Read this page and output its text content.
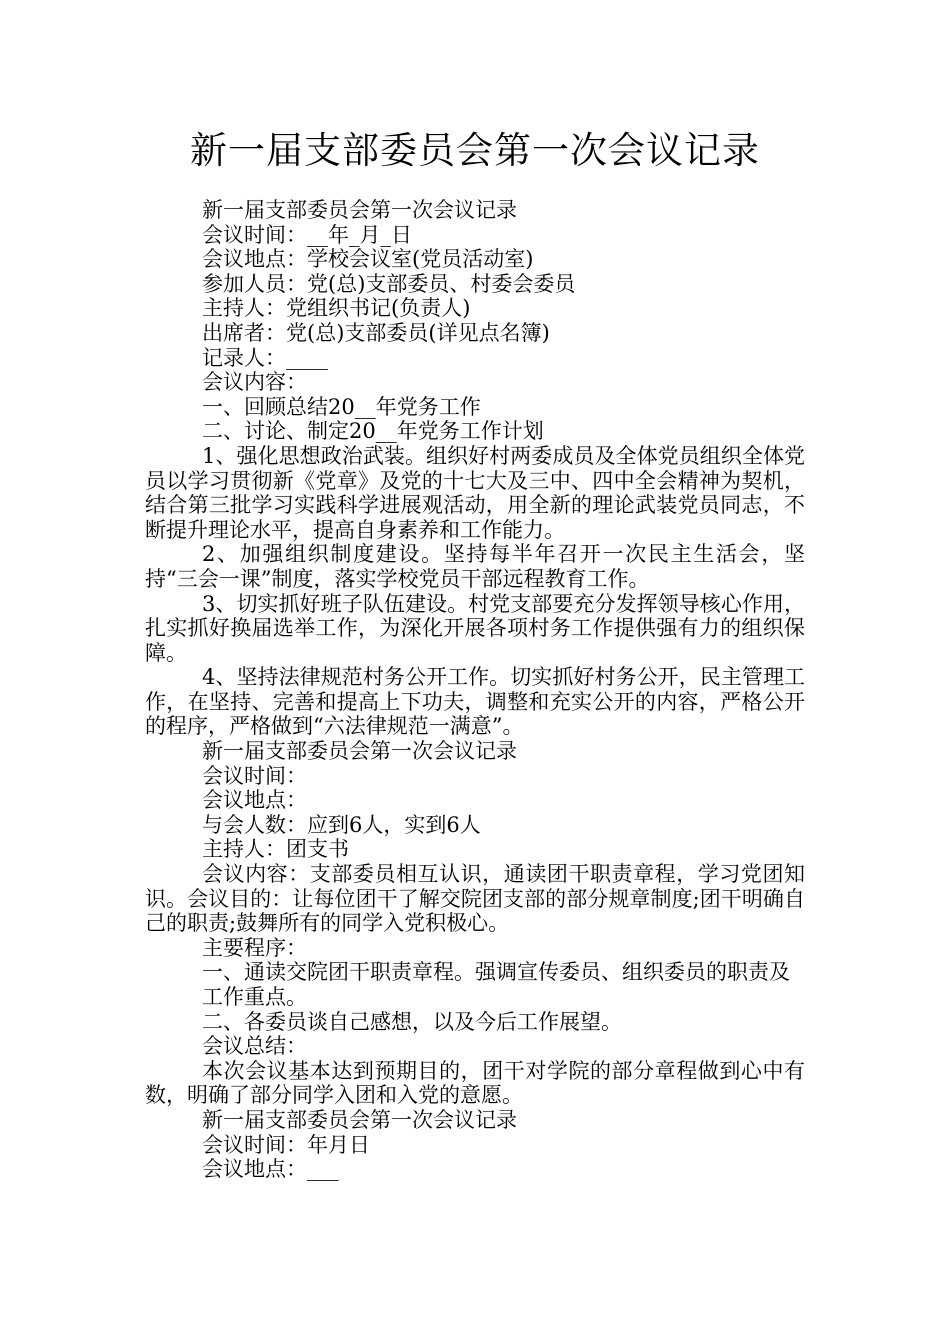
新一届支部委员会第一次会议记录
新一届支部委员会第一次会议记录
会议时间：__年_月_日
会议地点：学校会议室(党员活动室)
参加人员：党(总)支部委员、村委会委员
主持人：党组织书记(负责人)
出席者：党(总)支部委员(详见点名簿)
记录人：____
会议内容：
一、回顾总结20__年党务工作
二、讨论、制定20__年党务工作计划
1、强化思想政治武装。组织好村两委成员及全体党员组织全体党员以学习贯彻新《党章》及党的十七大及三中、四中全会精神为契机，结合第三批学习实践科学进展观活动，用全新的理论武装党员同志，不断提升理论水平，提高自身素养和工作能力。
2、加强组织制度建设。坚持每半年召开一次民主生活会，坚持“三会一课”制度，落实学校党员干部远程教育工作。
3、切实抓好班子队伍建设。村党支部要充分发挥领导核心作用，扎实抓好换届选举工作，为深化开展各项村务工作提供强有力的组织保障。
4、坚持法律规范村务公开工作。切实抓好村务公开，民主管理工作，在坚持、完善和提高上下功夫，调整和充实公开的内容，严格公开的程序，严格做到“六法律规范一满意”。
新一届支部委员会第一次会议记录
会议时间：
会议地点：
与会人数：应到6人，实到6人
主持人：团支书
会议内容：支部委员相互认识，通读团干职责章程，学习党团知识。会议目的：让每位团干了解交院团支部的部分规章制度;团干明确自己的职责;鼓舞所有的同学入党积极心。
主要程序：
一、通读交院团干职责章程。强调宣传委员、组织委员的职责及
工作重点。
二、各委员谈自己感想，以及今后工作展望。
会议总结：
本次会议基本达到预期目的，团干对学院的部分章程做到心中有数，明确了部分同学入团和入党的意愿。
新一届支部委员会第一次会议记录
会议时间：年月日
会议地点：___
